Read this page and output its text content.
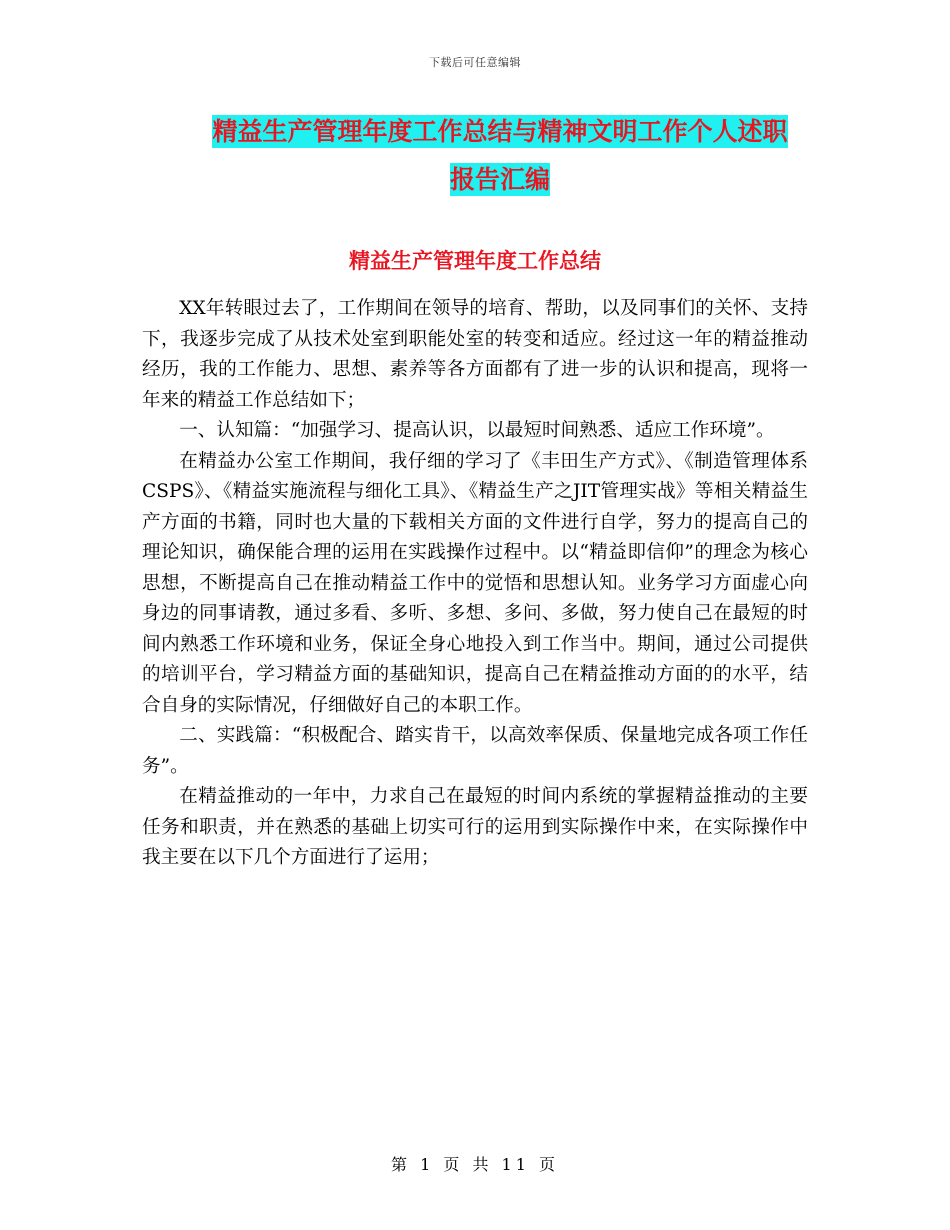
下载后可任意编辑
精益生产管理年度工作总结与精神文明工作个人述职
报告汇编
精益生产管理年度工作总结

XX年转眼过去了，工作期间在领导的培育、帮助，以及同事们的关怀、支持下，我逐步完成了从技术处室到职能处室的转变和适应。经过这一年的精益推动经历，我的工作能力、思想、素养等各方面都有了进一步的认识和提高，现将一年来的精益工作总结如下；

一、认知篇：“加强学习、提高认识，以最短时间熟悉、适应工作环境”。

在精益办公室工作期间，我仔细的学习了《丰田生产方式》、《制造管理体系CSPS》、《精益实施流程与细化工具》、《精益生产之JIT管理实战》等相关精益生产方面的书籍，同时也大量的下载相关方面的文件进行自学，努力的提高自己的理论知识，确保能合理的运用在实践操作过程中。以“精益即信仰”的理念为核心思想，不断提高自己在推动精益工作中的觉悟和思想认知。业务学习方面虚心向身边的同事请教，通过多看、多听、多想、多问、多做，努力使自己在最短的时间内熟悉工作环境和业务，保证全身心地投入到工作当中。期间，通过公司提供的培训平台，学习精益方面的基础知识，提高自己在精益推动方面的的水平，结合自身的实际情况，仔细做好自己的本职工作。

二、实践篇：“积极配合、踏实肯干，以高效率保质、保量地完成各项工作任务”。

在精益推动的一年中，力求自己在最短的时间内系统的掌握精益推动的主要任务和职责，并在熟悉的基础上切实可行的运用到实际操作中来，在实际操作中我主要在以下几个方面进行了运用；

第 1 页 共 11 页
